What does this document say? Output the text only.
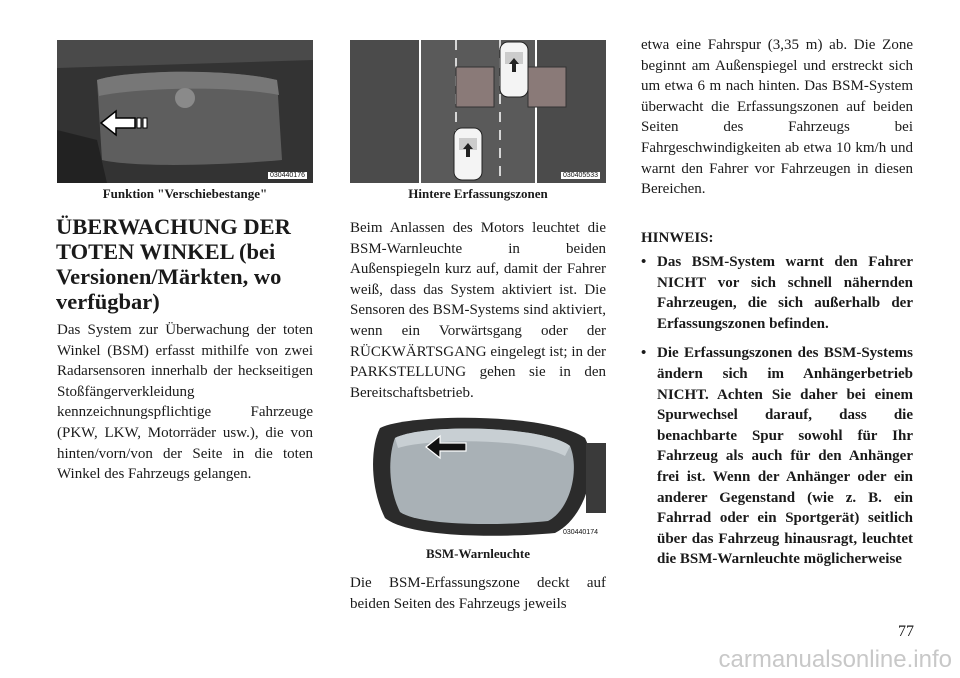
030440176
Funktion "Verschiebestange"
030405533
Hintere Erfassungszonen
ÜBERWACHUNG DER TOTEN WINKEL (bei Versionen/Märkten, wo verfügbar)

Das System zur Überwachung der toten Winkel (BSM) erfasst mithilfe von zwei Radarsensoren innerhalb der heckseitigen Stoßfängerverkleidung kennzeichnungspflichtige Fahrzeuge (PKW, LKW, Motorräder usw.), die von hinten/vorn/von der Seite in die toten Winkel des Fahrzeugs gelangen.

Beim Anlassen des Motors leuchtet die BSM-Warnleuchte in beiden Außenspiegeln kurz auf, damit der Fahrer weiß, dass das System aktiviert ist. Die Sensoren des BSM-Systems sind aktiviert, wenn ein Vorwärtsgang oder der RÜCKWÄRTSGANG eingelegt ist; in der PARKSTELLUNG gehen sie in den Bereitschaftsbetrieb.

030440174
BSM-Warnleuchte

Die BSM-Erfassungszone deckt auf beiden Seiten des Fahrzeugs jeweils

etwa eine Fahrspur (3,35 m) ab. Die Zone beginnt am Außenspiegel und erstreckt sich um etwa 6 m nach hinten. Das BSM-System überwacht die Erfassungszonen auf beiden Seiten des Fahrzeugs bei Fahrgeschwindigkeiten ab etwa 10 km/h und warnt den Fahrer vor Fahrzeugen in diesen Bereichen.

HINWEIS:

• Das BSM-System warnt den Fahrer NICHT vor sich schnell nähernden Fahrzeugen, die sich außerhalb der Erfassungszonen befinden.
• Die Erfassungszonen des BSM-Systems ändern sich im Anhängerbetrieb NICHT. Achten Sie daher bei einem Spurwechsel darauf, dass die benachbarte Spur sowohl für Ihr Fahrzeug als auch für den Anhänger frei ist. Wenn der Anhänger oder ein anderer Gegenstand (wie z. B. ein Fahrrad oder ein Sportgerät) seitlich über das Fahrzeug hinausragt, leuchtet die BSM-Warnleuchte möglicherweise
77
carmanualsonline.info
